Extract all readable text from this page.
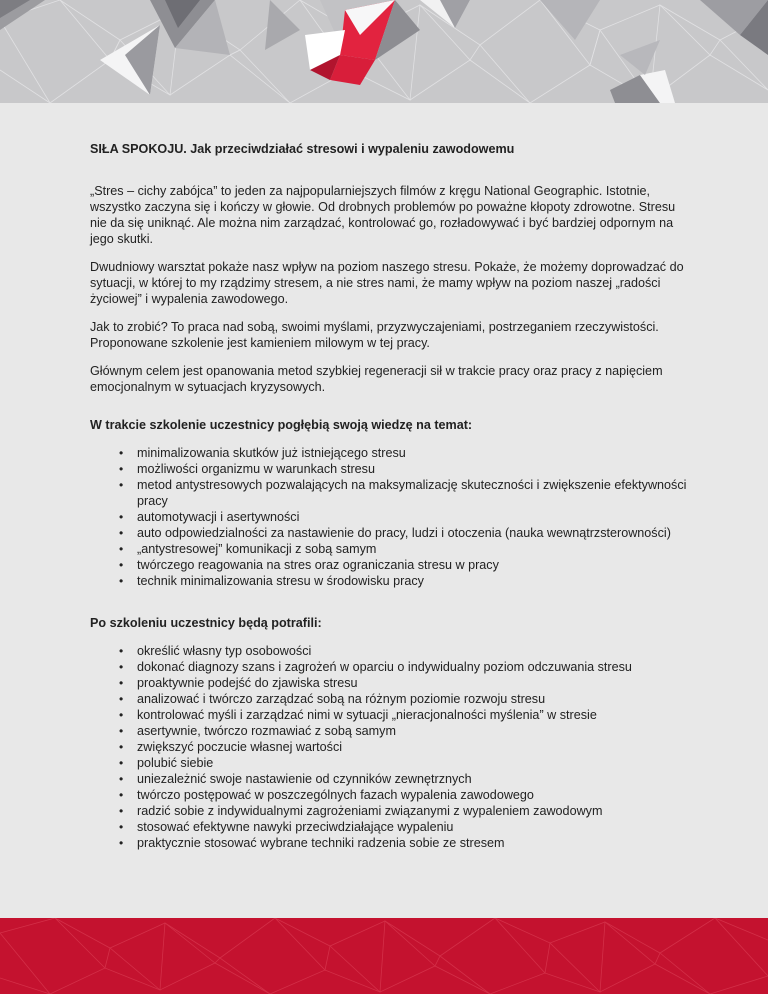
SIŁA SPOKOJU. Jak przeciwdziałać stresowi i wypaleniu zawodowemu

„Stres – cichy zabójca” to jeden za najpopularniejszych filmów z kręgu National Geographic. Istotnie, wszystko zaczyna się i kończy w głowie. Od drobnych problemów po poważne kłopoty zdrowotne. Stresu nie da się uniknąć. Ale można nim zarządzać, kontrolować go, rozładowywać i być bardziej odpornym na jego skutki.

Dwudniowy warsztat pokaże nasz wpływ na poziom naszego stresu. Pokaże, że możemy doprowadzać do sytuacji, w której to my rządzimy stresem, a nie stres nami, że mamy wpływ na poziom naszej „radości życiowej” i wypalenia zawodowego.

Jak to zrobić? To praca nad sobą, swoimi myślami, przyzwyczajeniami, postrzeganiem rzeczywistości. Proponowane szkolenie jest kamieniem milowym w tej pracy.

Głównym celem jest opanowania metod szybkiej regeneracji sił w trakcie pracy oraz pracy z napięciem emocjonalnym w sytuacjach kryzysowych.

W trakcie szkolenie uczestnicy pogłębią swoją wiedzę na temat:
• minimalizowania skutków już istniejącego stresu
• możliwości organizmu w warunkach stresu
• metod antystresowych pozwalających na maksymalizację skuteczności i zwiększenie efektywności pracy
• automotywacji i asertywności
• auto odpowiedzialności za nastawienie do pracy, ludzi i otoczenia (nauka wewnątrzsterowności)
• „antystresowej” komunikacji z sobą samym
• twórczego reagowania na stres oraz ograniczania stresu w pracy
• technik minimalizowania stresu w środowisku pracy
Po szkoleniu uczestnicy będą potrafili:
• określić własny typ osobowości
• dokonać diagnozy szans i zagrożeń w oparciu o indywidualny poziom odczuwania stresu
• proaktywnie podejść do zjawiska stresu
• analizować i twórczo zarządzać sobą na różnym poziomie rozwoju stresu
• kontrolować myśli i zarządzać nimi w sytuacji „nieracjonalności myślenia” w stresie
• asertywnie, twórczo rozmawiać z sobą samym
• zwiększyć poczucie własnej wartości
• polubić siebie
• uniezależnić swoje nastawienie od czynników zewnętrznych
• twórczo postępować w poszczególnych fazach wypalenia zawodowego
• radzić sobie z indywidualnymi zagrożeniami związanymi z wypaleniem zawodowym
• stosować efektywne nawyki przeciwdziałające wypaleniu
• praktycznie stosować wybrane techniki radzenia sobie ze stresem
